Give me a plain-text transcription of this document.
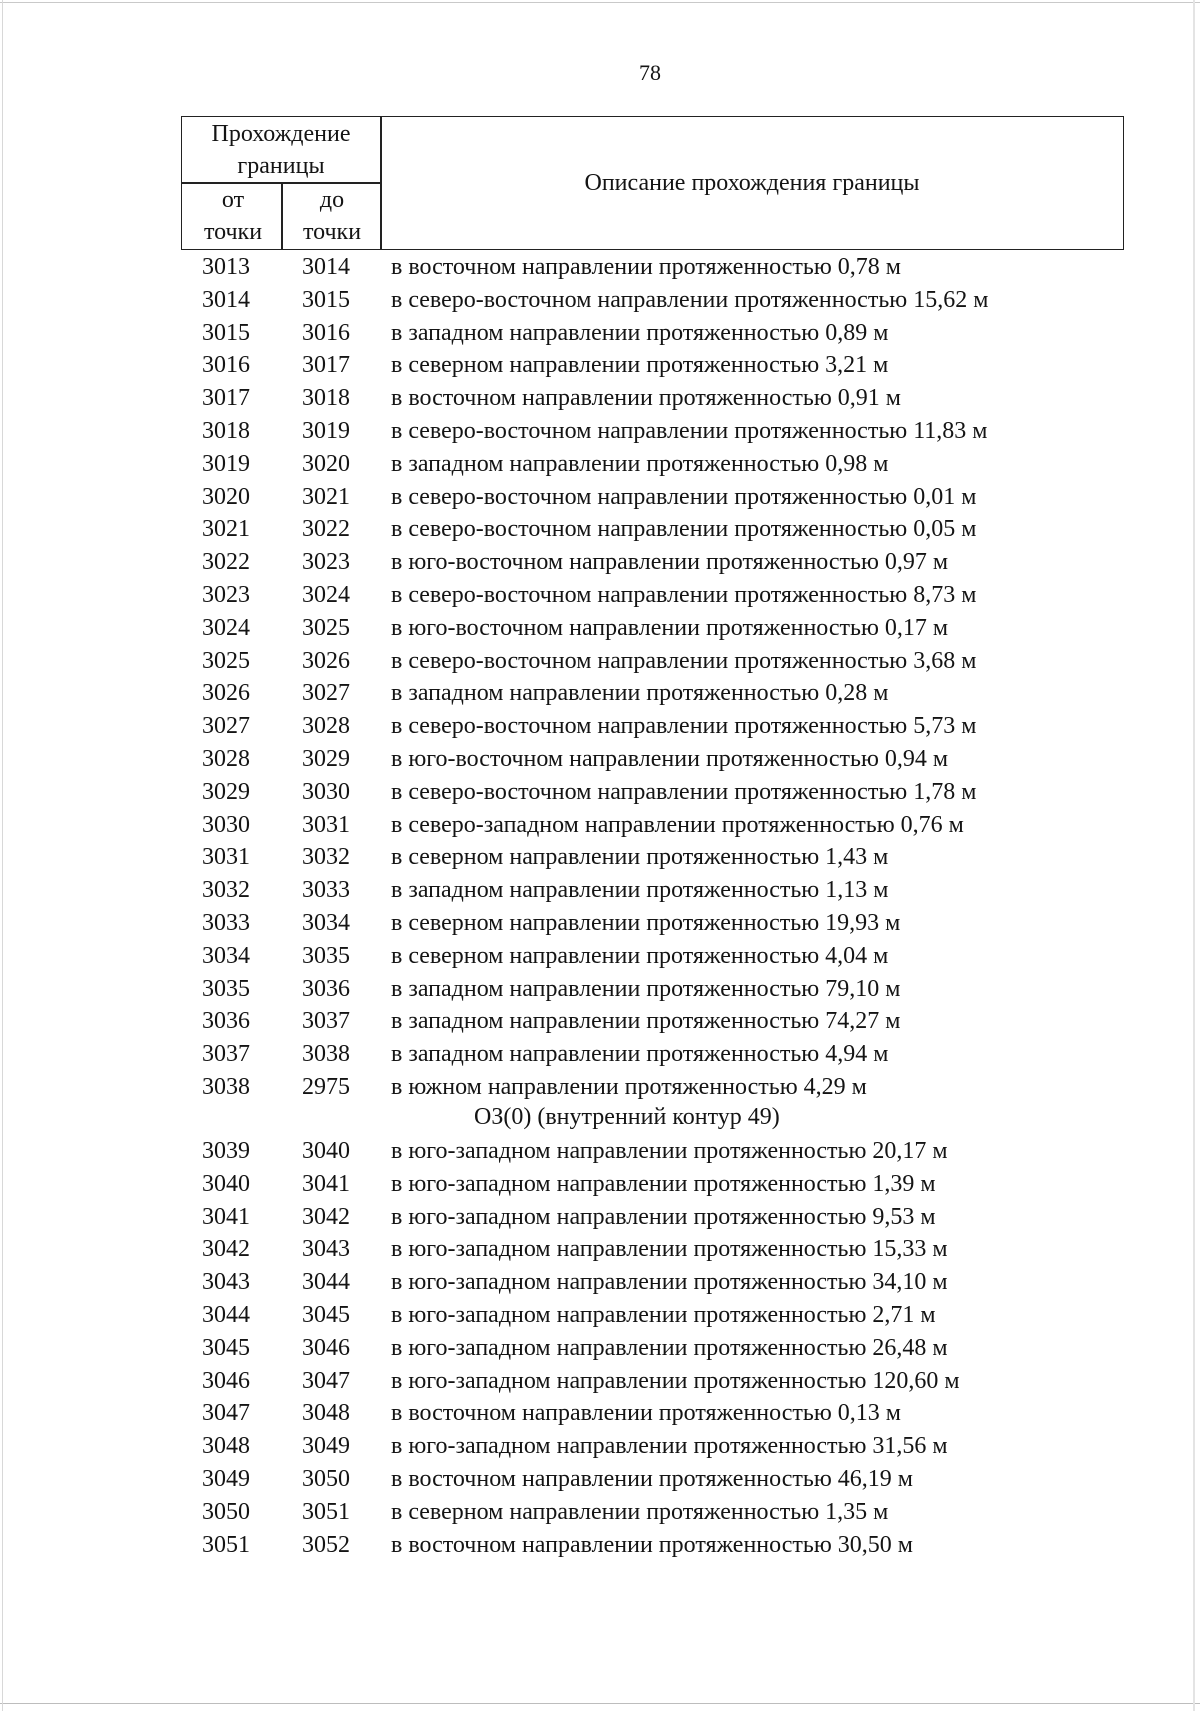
78
Прохождение границы
от точки
до точки
Описание прохождения границы
3013	3014	в восточном направлении протяженностью 0,78 м
3014	3015	в северо-восточном направлении протяженностью 15,62 м
3015	3016	в западном направлении протяженностью 0,89 м
3016	3017	в северном направлении протяженностью 3,21 м
3017	3018	в восточном направлении протяженностью 0,91 м
3018	3019	в северо-восточном направлении протяженностью 11,83 м
3019	3020	в западном направлении протяженностью 0,98 м
3020	3021	в северо-восточном направлении протяженностью 0,01 м
3021	3022	в северо-восточном направлении протяженностью 0,05 м
3022	3023	в юго-восточном направлении протяженностью 0,97 м
3023	3024	в северо-восточном направлении протяженностью 8,73 м
3024	3025	в юго-восточном направлении протяженностью 0,17 м
3025	3026	в северо-восточном направлении протяженностью 3,68 м
3026	3027	в западном направлении протяженностью 0,28 м
3027	3028	в северо-восточном направлении протяженностью 5,73 м
3028	3029	в юго-восточном направлении протяженностью 0,94 м
3029	3030	в северо-восточном направлении протяженностью 1,78 м
3030	3031	в северо-западном направлении протяженностью 0,76 м
3031	3032	в северном направлении протяженностью 1,43 м
3032	3033	в западном направлении протяженностью 1,13 м
3033	3034	в северном направлении протяженностью 19,93 м
3034	3035	в северном направлении протяженностью 4,04 м
3035	3036	в западном направлении протяженностью 79,10 м
3036	3037	в западном направлении протяженностью 74,27 м
3037	3038	в западном направлении протяженностью 4,94 м
3038	2975	в южном направлении протяженностью 4,29 м
ОЗ(0) (внутренний контур 49)
3039	3040	в юго-западном направлении протяженностью 20,17 м
3040	3041	в юго-западном направлении протяженностью 1,39 м
3041	3042	в юго-западном направлении протяженностью 9,53 м
3042	3043	в юго-западном направлении протяженностью 15,33 м
3043	3044	в юго-западном направлении протяженностью 34,10 м
3044	3045	в юго-западном направлении протяженностью 2,71 м
3045	3046	в юго-западном направлении протяженностью 26,48 м
3046	3047	в юго-западном направлении протяженностью 120,60 м
3047	3048	в восточном направлении протяженностью 0,13 м
3048	3049	в юго-западном направлении протяженностью 31,56 м
3049	3050	в восточном направлении протяженностью 46,19 м
3050	3051	в северном направлении протяженностью 1,35 м
3051	3052	в восточном направлении протяженностью 30,50 м
